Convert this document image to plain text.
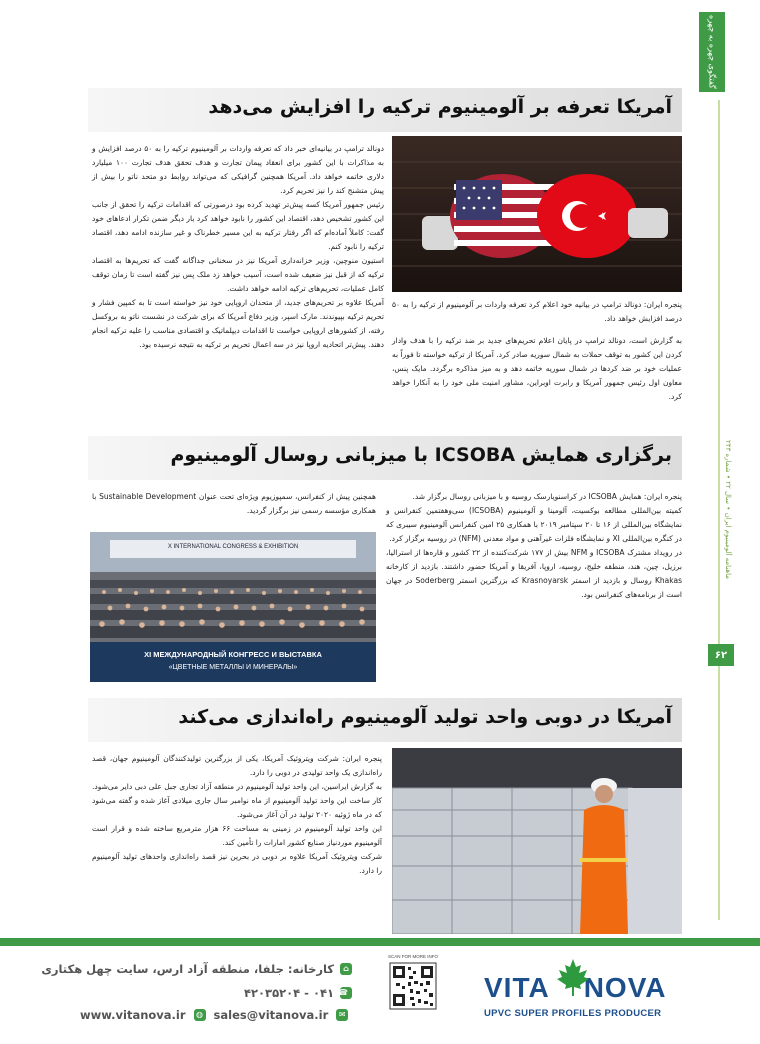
گفتگوی چهره به چهره
ماهنامه آلومینیوم ایران • سال ۲۲ • شماره ۲۴۳
۶۲
آمریکا تعرفه بر آلومینیوم ترکیه را افزایش می‌دهد

پنجره ایران: دونالد ترامپ در بیانیه خود اعلام کرد تعرفه واردات بر آلومینیوم از ترکیه را به ۵۰ درصد افزایش خواهد داد.

به گزارش است، دونالد ترامپ در پایان اعلام تحریم‌های جدید بر ضد ترکیه را با هدف وادار کردن این کشور به توقف حملات به شمال سوریه صادر کرد. آمریکا از ترکیه خواسته تا فوراً به عملیات خود بر ضد کردها در شمال سوریه خاتمه دهد و به میز مذاکره برگردد. مایک پنس، معاون اول رئیس جمهور آمریکا و رابرت اوبراین، مشاور امنیت ملی خود را به آنکارا خواهد کرد.

دونالد ترامپ در بیانیه‌ای خبر داد که تعرفه واردات بر آلومینیوم ترکیه را به ۵۰ درصد افزایش و به مذاکرات با این کشور برای انعقاد پیمان تجارت و هدف تحقق هدف تجارت ۱۰۰ میلیارد دلاری خاتمه خواهد داد. آمریکا همچنین گرافیکی که می‌تواند روابط دو متحد ناتو را بیش از پیش متشنج کند را نیز تحریم کرد.

رئیس جمهور آمریکا کسه پیش‌تر تهدید کرده بود درصورتی که اقدامات ترکیه را تحقق از جانب این کشور تشخیص دهد، اقتصاد این کشور را نابود خواهد کرد بار دیگر ضمن تکرار ادعاهای خود گفت: کاملاً آماده‌ام که اگر رفتار ترکیه به این مسیر خطرناک و غیر سازنده ادامه دهد، اقتصاد ترکیه را نابود کنم.

استیون منوچین، وزیر خزانه‌داری آمریکا نیز در سخنانی جداگانه گفت که تحریم‌ها به اقتصاد ترکیه که از قبل نیز ضعیف شده است، آسیب خواهد زد ملک پس نیز گفته است تا زمان توقف کامل عملیات، تحریم‌های ترکیه ادامه خواهد داشت.

آمریکا علاوه بر تحریم‌های جدید، از متحدان اروپایی خود نیز خواسته است تا به کمپین فشار و تحریم ترکیه بپیوندند. مارک اسپر، وزیر دفاع آمریکا که برای شرکت در نشست ناتو به بروکسل رفته، از کشورهای اروپایی خواست تا اقدامات دیپلماتیک و اقتصادی مناسب را علیه ترکیه انجام دهند. پیش‌تر اتحادیه اروپا نیز در سه اعمال تحریم بر ترکیه به نتیجه نرسیده بود.

برگزاری همایش ICSOBA با میزبانی روسال آلومینیوم

پنجره ایران: همایش ICSOBA در کراسنویارسک روسیه و با میزبانی روسال برگزار شد.

کمیته بین‌المللی مطالعه بوکسیت، آلومینا و آلومینیوم (ICSOBA) سی‌وهفتمین کنفرانس و نمایشگاه بین‌المللی از ۱۶ تا ۲۰ سپتامبر ۲۰۱۹ با همکاری ۲۵ امین کنفرانس آلومینیوم سیبری که در کنگره بین‌المللی XI و نمایشگاه فلزات غیرآهنی و مواد معدنی (NFM) در روسیه برگزار کرد.

در رویداد مشترک ICSOBA و NFM بیش از ۱۷۷ شرکت‌کننده از ۲۲ کشور و قاره‌ها از استرالیا، برزیل، چین، هند، منطقه خلیج، روسیه، اروپا، آفریقا و آمریکا حضور داشتند. بازدید از کارخانه Khakas روسال و بازدید از اسمتر Krasnoyarsk که بزرگترین اسمتر Soderberg در جهان است از برنامه‌های کنفرانس بود.

همچنین پیش از کنفرانس، سمپوزیوم ویژه‌ای تحت عنوان Sustainable Development با همکاری مؤسسه رسمی نیز برگزار گردید.

X INTERNATIONAL CONGRESS & EXHIBITION
XI МЕЖДУНАРОДНЫЙ КОНГРЕСС И ВЫСТАВКА
«ЦВЕТНЫЕ МЕТАЛЛЫ И МИНЕРАЛЫ»
آمریکا در دوبی واحد تولید آلومینیوم راه‌اندازی می‌کند

پنجره ایران: شرکت ویتروئیک آمریکا، یکی از بزرگترین تولیدکنندگان آلومینیوم جهان، قصد راه‌اندازی یک واحد تولیدی در دوبی را دارد.

به گزارش ایراسین، این واحد تولید آلومینیوم در منطقه آزاد تجاری جبل علی دبی دایر می‌شود.

کار ساخت این واحد تولید آلومینیوم از ماه نوامبر سال جاری میلادی آغاز شده و گفته می‌شود که در ماه ژوئیه ۲۰۲۰ تولید در آن آغاز می‌شود.

این واحد تولید آلومینیوم در زمینی به مساحت ۶۶ هزار مترمربع ساخته شده و قرار است آلومینیوم موردنیاز صنایع کشور امارات را تأمین کند.

شرکت ویتروئیک آمریکا علاوه بر دوبی در بحرین نیز قصد راه‌اندازی واحدهای تولید آلومینیوم را دارد.

⌂
کارخانه: جلفا، منطقه آزاد ارس، سایت چهل هکتاری
☎
۰۴۱ - ۴۲۰۳۵۲۰۴
www.vitanova.ir	◍ sales@vitanova.ir	✉
SCAN FOR MORE INFO
VITA NOVA
UPVC SUPER PROFILES PRODUCER
